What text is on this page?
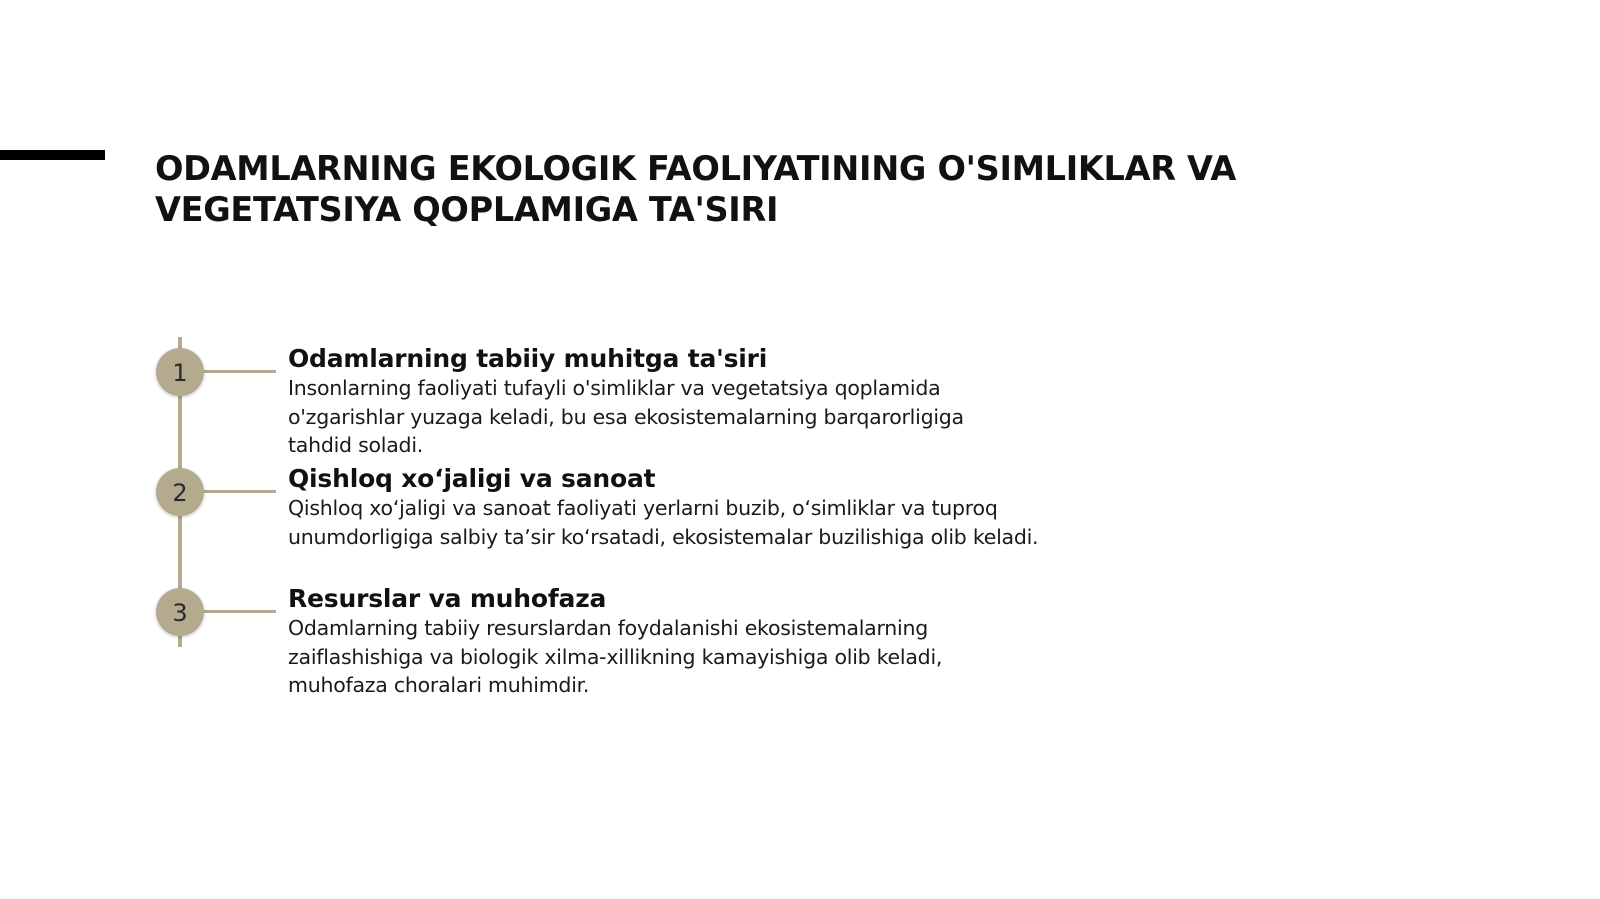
ODAMLARNING EKOLOGIK FAOLIYATINING O'SIMLIKLAR VA
VEGETATSIYA QOPLAMIGA TA'SIRI
1	Odamlarning tabiiy muhitga ta'siri
Insonlarning faoliyati tufayli o'simliklar va vegetatsiya qoplamida
o'zgarishlar yuzaga keladi, bu esa ekosistemalarning barqarorligiga
tahdid soladi.
2	Qishloq xoʻjaligi va sanoat
Qishloq xoʻjaligi va sanoat faoliyati yerlarni buzib, oʻsimliklar va tuproq
unumdorligiga salbiy taʼsir koʻrsatadi, ekosistemalar buzilishiga olib keladi.
3	Resurslar va muhofaza
Odamlarning tabiiy resurslardan foydalanishi ekosistemalarning
zaiflashishiga va biologik xilma-xillikning kamayishiga olib keladi,
muhofaza choralari muhimdir.
